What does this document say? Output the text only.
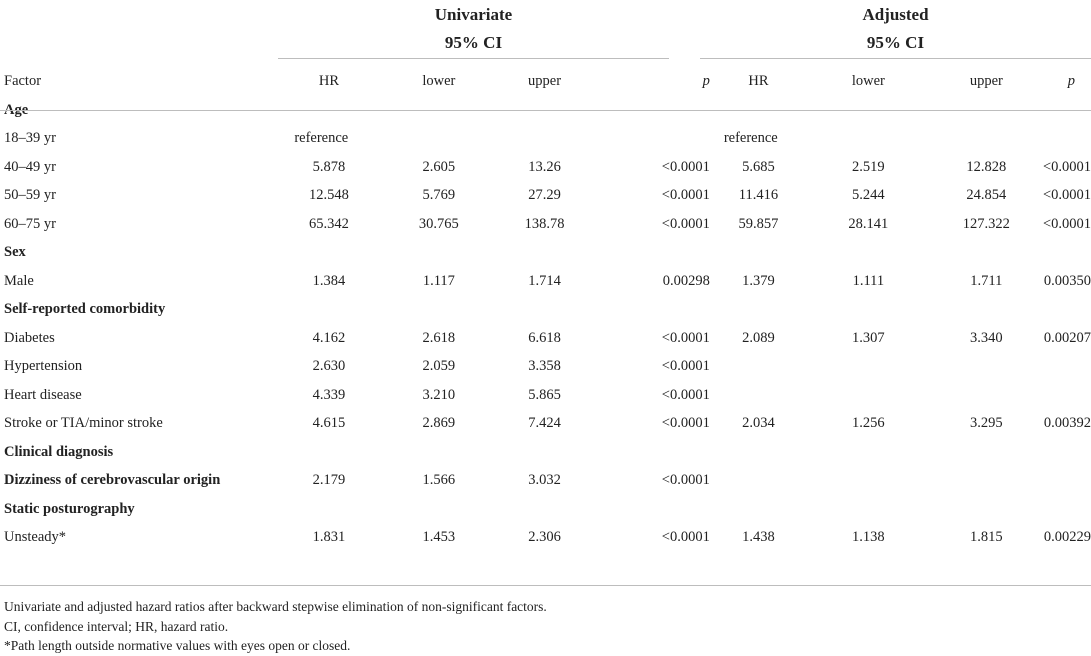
Univariate
95% CI
Adjusted
95% CI
Factor	HR	lower	upper	p	HR	lower	upper	p
Age								
18–39 yr	reference				reference			
40–49 yr	5.878	2.605	13.26	<0.0001	5.685	2.519	12.828	<0.0001
50–59 yr	12.548	5.769	27.29	<0.0001	11.416	5.244	24.854	<0.0001
60–75 yr	65.342	30.765	138.78	<0.0001	59.857	28.141	127.322	<0.0001
Sex								
Male	1.384	1.117	1.714	0.00298	1.379	1.111	1.711	0.00350
Self-reported comorbidity								
Diabetes	4.162	2.618	6.618	<0.0001	2.089	1.307	3.340	0.00207
Hypertension	2.630	2.059	3.358	<0.0001				
Heart disease	4.339	3.210	5.865	<0.0001				
Stroke or TIA/minor stroke	4.615	2.869	7.424	<0.0001	2.034	1.256	3.295	0.00392
Clinical diagnosis								
Dizziness of cerebrovascular origin	2.179	1.566	3.032	<0.0001				
Static posturography								
Unsteady*	1.831	1.453	2.306	<0.0001	1.438	1.138	1.815	0.00229
Univariate and adjusted hazard ratios after backward stepwise elimination of non-significant factors.
CI, confidence interval; HR, hazard ratio.
*Path length outside normative values with eyes open or closed.
